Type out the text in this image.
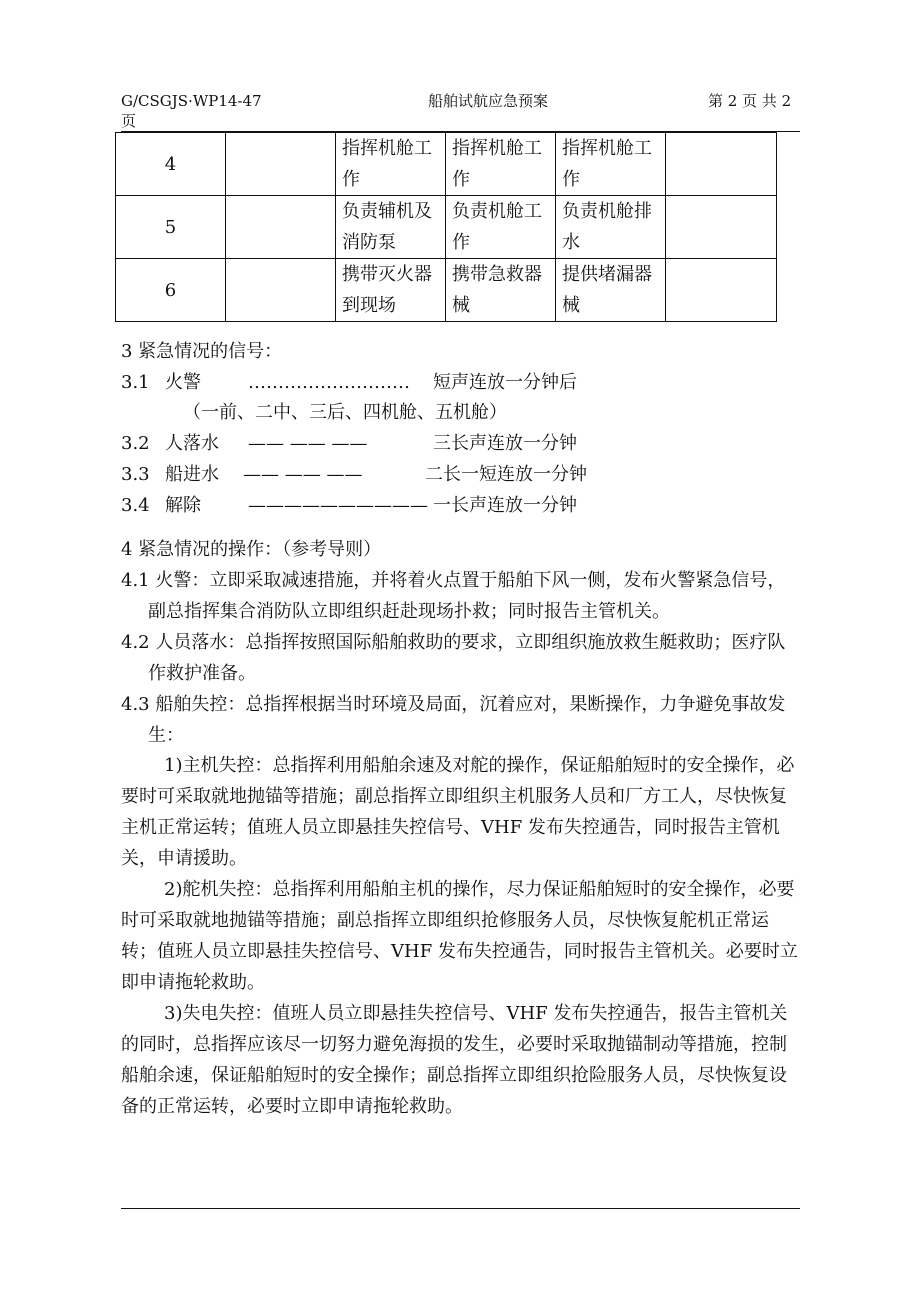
G/CSGJS·WP14-47
页
船舶试航应急预案	第 2 页 共 2
4		指挥机舱工作	指挥机舱工作	指挥机舱工作	
5		负责辅机及消防泵	负责机舱工作	负责机舱排水	
6		携带灭火器到现场	携带急救器械	提供堵漏器械	
3 紧急情况的信号：
3.1 火警	……………………… 短声连放一分钟后
（一前、二中、三后、四机舱、五机舱）
3.2 人落水 —— —— ——	三长声连放一分钟
3.3 船进水 —— —— ——	二长一短连放一分钟
3.4 解除	—————————— 一长声连放一分钟
4 紧急情况的操作：（参考导则）
4.1 火警：立即采取减速措施，并将着火点置于船舶下风一侧，发布火警紧急信号，
副总指挥集合消防队立即组织赶赴现场扑救；同时报告主管机关。
4.2 人员落水：总指挥按照国际船舶救助的要求，立即组织施放救生艇救助；医疗队
作救护准备。
4.3 船舶失控：总指挥根据当时环境及局面，沉着应对，果断操作，力争避免事故发
生：
1)主机失控：总指挥利用船舶余速及对舵的操作，保证船舶短时的安全操作，必要时可采取就地抛锚等措施；副总指挥立即组织主机服务人员和厂方工人，尽快恢复主机正常运转；值班人员立即悬挂失控信号、VHF 发布失控通告，同时报告主管机关，申请援助。
2)舵机失控：总指挥利用船舶主机的操作，尽力保证船舶短时的安全操作，必要时可采取就地抛锚等措施；副总指挥立即组织抢修服务人员，尽快恢复舵机正常运转；值班人员立即悬挂失控信号、VHF 发布失控通告，同时报告主管机关。必要时立即申请拖轮救助。
3)失电失控：值班人员立即悬挂失控信号、VHF 发布失控通告，报告主管机关的同时，总指挥应该尽一切努力避免海损的发生，必要时采取抛锚制动等措施，控制船舶余速，保证船舶短时的安全操作；副总指挥立即组织抢险服务人员，尽快恢复设备的正常运转，必要时立即申请拖轮救助。
